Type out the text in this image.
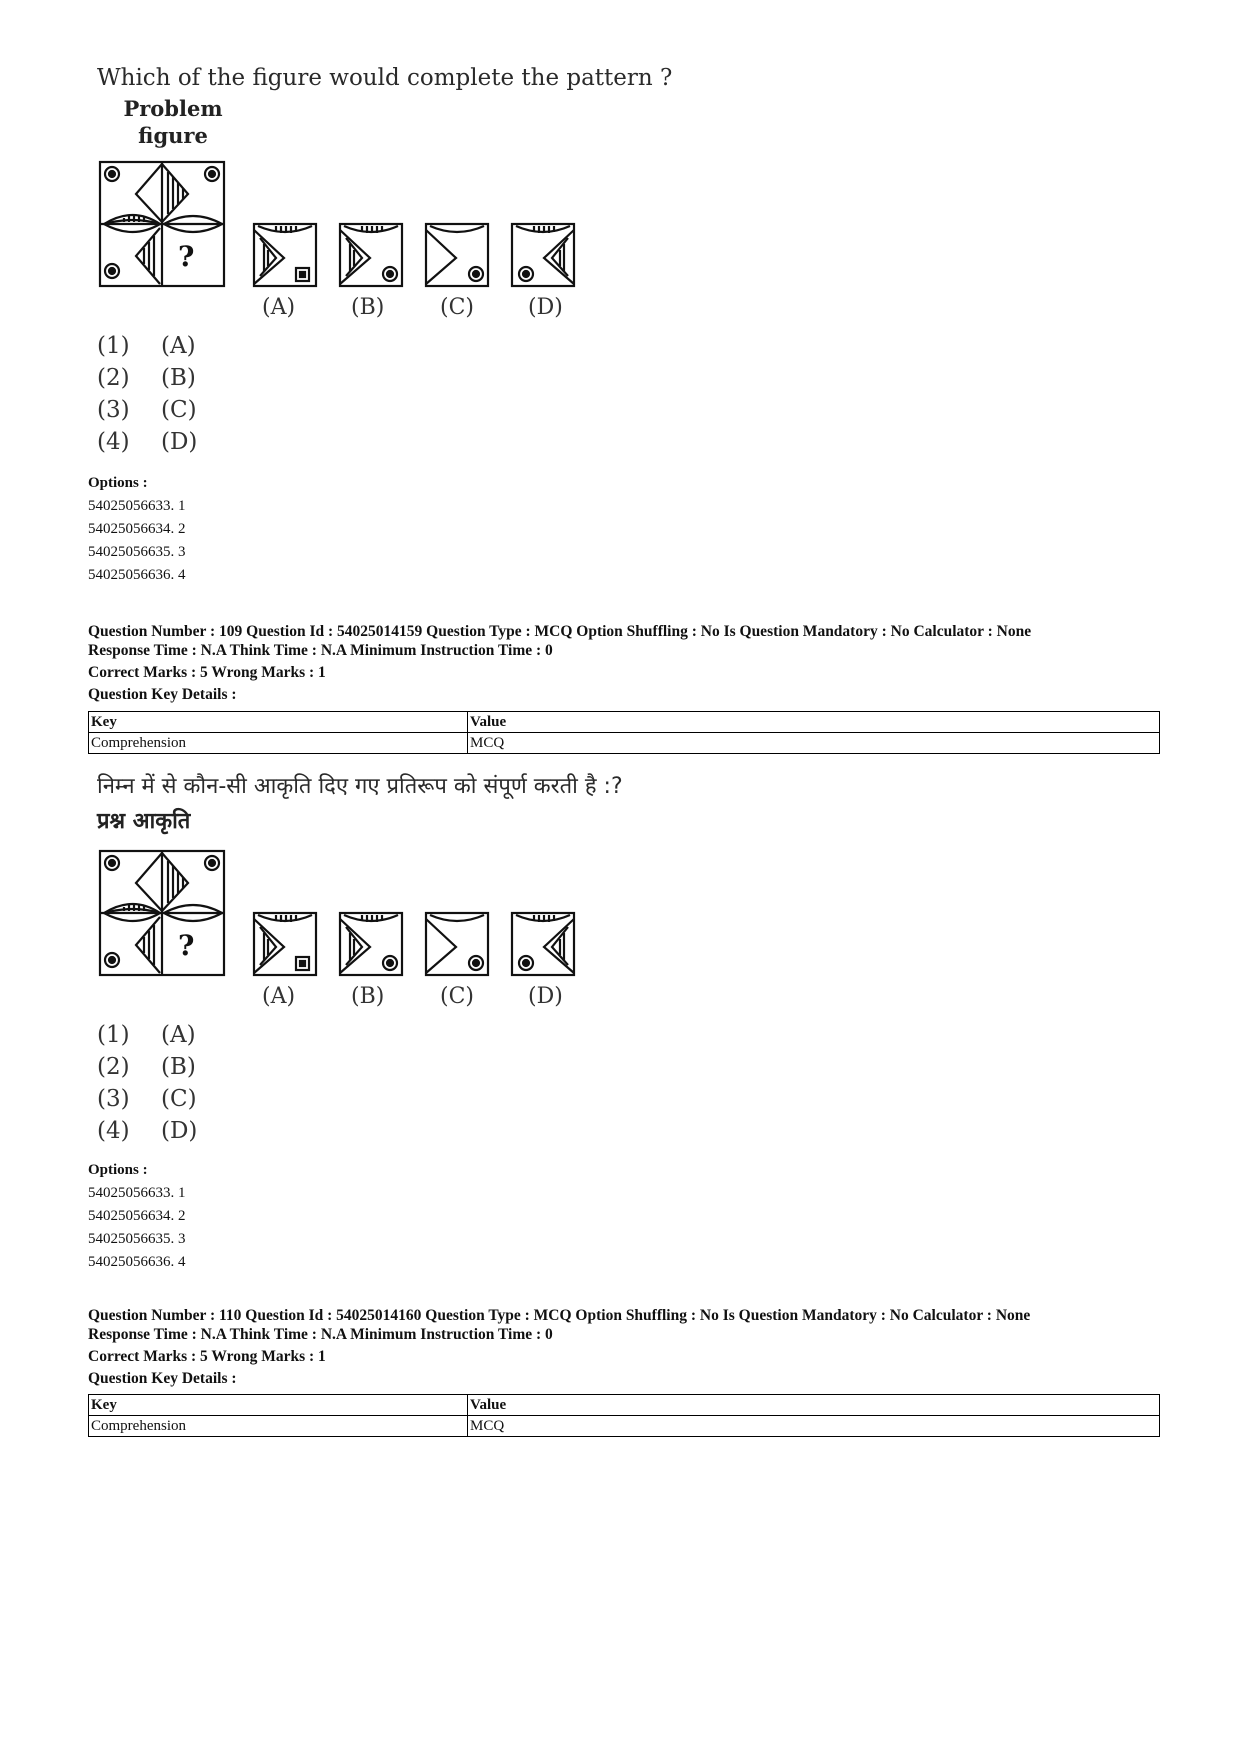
Which of the figure would complete the pattern ?
Problem
figure
?
(A)	(B)	(C) (D)
(1) (A)
(2) (B)
(3) (C)
(4) (D)
Options :
54025056633. 1
54025056634. 2
54025056635. 3
54025056636. 4
Question Number : 109 Question Id : 54025014159 Question Type : MCQ Option Shuffling : No Is Question Mandatory : No Calculator : None
Response Time : N.A Think Time : N.A Minimum Instruction Time : 0
Correct Marks : 5 Wrong Marks : 1
Question Key Details :
Key	Value
Comprehension	MCQ
निम्न में से कौन-सी आकृति दिए गए प्रतिरूप को संपूर्ण करती है :?
प्रश्न आकृति
?
(A)	(B)	(C) (D)
(1) (A)
(2) (B)
(3) (C)
(4) (D)
Options :
54025056633. 1
54025056634. 2
54025056635. 3
54025056636. 4
Question Number : 110 Question Id : 54025014160 Question Type : MCQ Option Shuffling : No Is Question Mandatory : No Calculator : None
Response Time : N.A Think Time : N.A Minimum Instruction Time : 0
Correct Marks : 5 Wrong Marks : 1
Question Key Details :
Key	Value
Comprehension	MCQ
